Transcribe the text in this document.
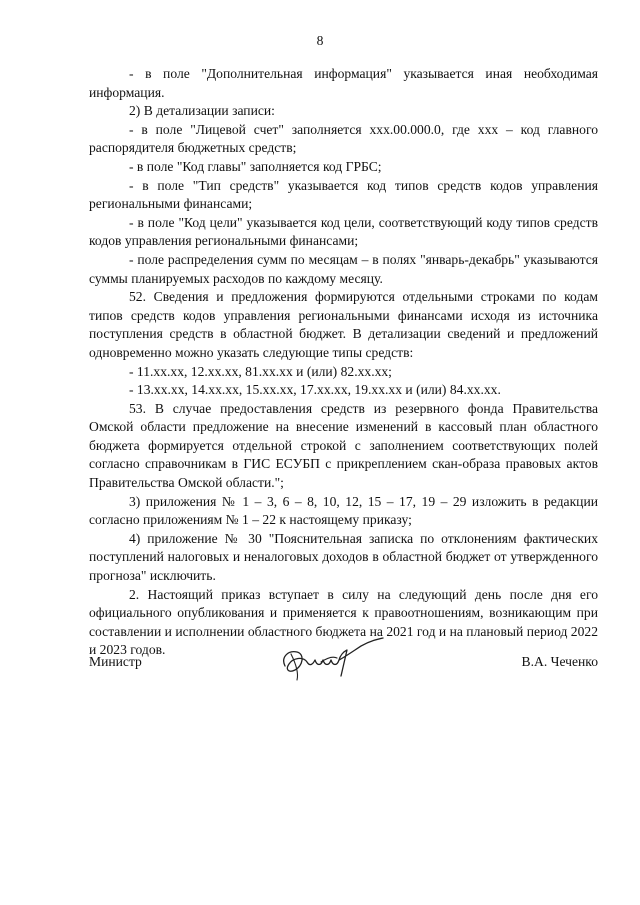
8

- в поле "Дополнительная информация" указывается иная необходимая информация.

2) В детализации записи:

- в поле "Лицевой счет" заполняется xxx.00.000.0, где xxx – код главного распорядителя бюджетных средств;

- в поле "Код главы" заполняется код ГРБС;

- в поле "Тип средств" указывается код типов средств кодов управления региональными финансами;

- в поле "Код цели" указывается код цели, соответствующий коду типов средств кодов управления региональными финансами;

- поле распределения сумм по месяцам – в полях "январь-декабрь" указываются суммы планируемых расходов по каждому месяцу.

52. Сведения и предложения формируются отдельными строками по кодам типов средств кодов управления региональными финансами исходя из источника поступления средств в областной бюджет. В детализации сведений и предложений одновременно можно указать следующие типы средств:

- 11.хх.хх, 12.хх.хх, 81.хх.хх и (или) 82.хх.хх;

- 13.хх.хх, 14.хх.хх, 15.хх.хх, 17.хх.хх, 19.хх.хх и (или) 84.хх.хх.

53. В случае предоставления средств из резервного фонда Правительства Омской области предложение на внесение изменений в кассовый план областного бюджета формируется отдельной строкой с заполнением соответствующих полей согласно справочникам в ГИС ЕСУБП с прикреплением скан-образа правовых актов Правительства Омской области.";

3) приложения № 1 – 3, 6 – 8, 10, 12, 15 – 17, 19 – 29 изложить в редакции согласно приложениям № 1 – 22 к настоящему приказу;

4) приложение № 30 "Пояснительная записка по отклонениям фактических поступлений налоговых и неналоговых доходов в областной бюджет от утвержденного прогноза" исключить.

2. Настоящий приказ вступает в силу на следующий день после дня его официального опубликования и применяется к правоотношениям, возникающим при составлении и исполнении областного бюджета на 2021 год и на плановый период 2022 и 2023 годов.

Министр	В.А. Чеченко
